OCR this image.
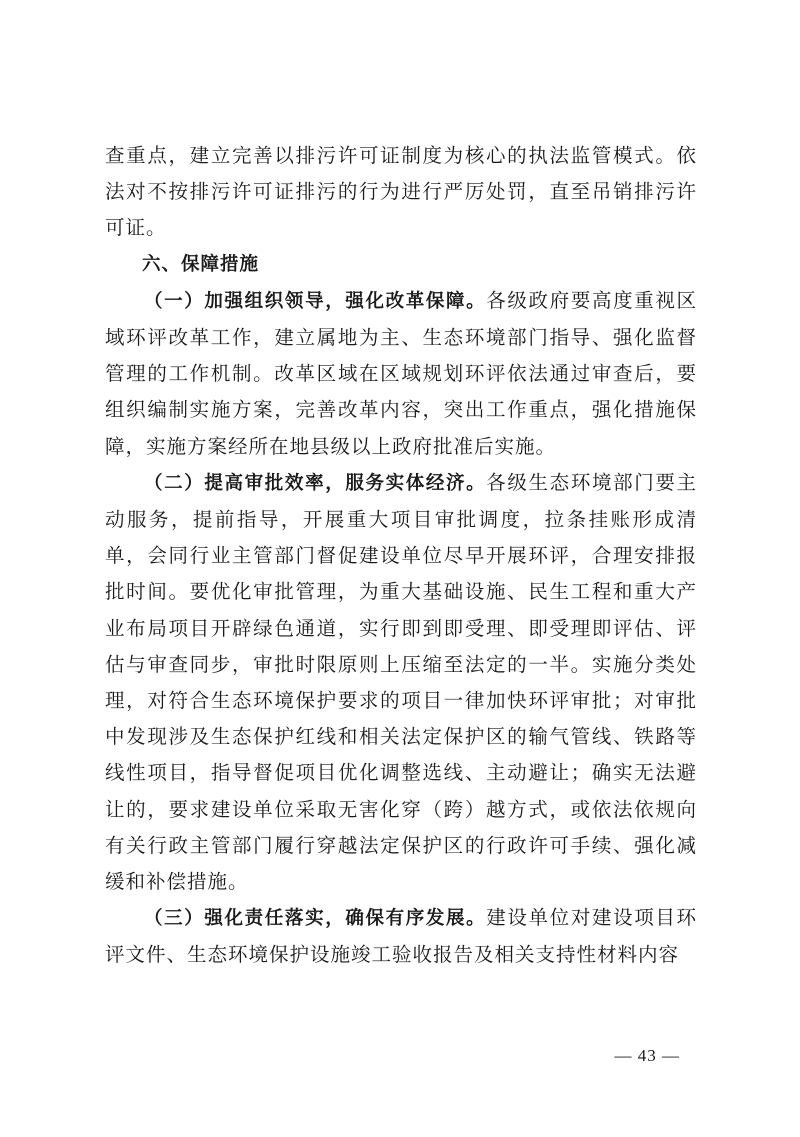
查重点，建立完善以排污许可证制度为核心的执法监管模式。依法对不按排污许可证排污的行为进行严厉处罚，直至吊销排污许可证。

六、保障措施

（一）加强组织领导，强化改革保障。各级政府要高度重视区域环评改革工作，建立属地为主、生态环境部门指导、强化监督管理的工作机制。改革区域在区域规划环评依法通过审查后，要组织编制实施方案，完善改革内容，突出工作重点，强化措施保障，实施方案经所在地县级以上政府批准后实施。

（二）提高审批效率，服务实体经济。各级生态环境部门要主动服务，提前指导，开展重大项目审批调度，拉条挂账形成清单，会同行业主管部门督促建设单位尽早开展环评，合理安排报批时间。要优化审批管理，为重大基础设施、民生工程和重大产业布局项目开辟绿色通道，实行即到即受理、即受理即评估、评估与审查同步，审批时限原则上压缩至法定的一半。实施分类处理，对符合生态环境保护要求的项目一律加快环评审批；对审批中发现涉及生态保护红线和相关法定保护区的输气管线、铁路等线性项目，指导督促项目优化调整选线、主动避让；确实无法避让的，要求建设单位采取无害化穿（跨）越方式，或依法依规向有关行政主管部门履行穿越法定保护区的行政许可手续、强化减缓和补偿措施。

（三）强化责任落实，确保有序发展。建设单位对建设项目环评文件、生态环境保护设施竣工验收报告及相关支持性材料内容

— 43 —
